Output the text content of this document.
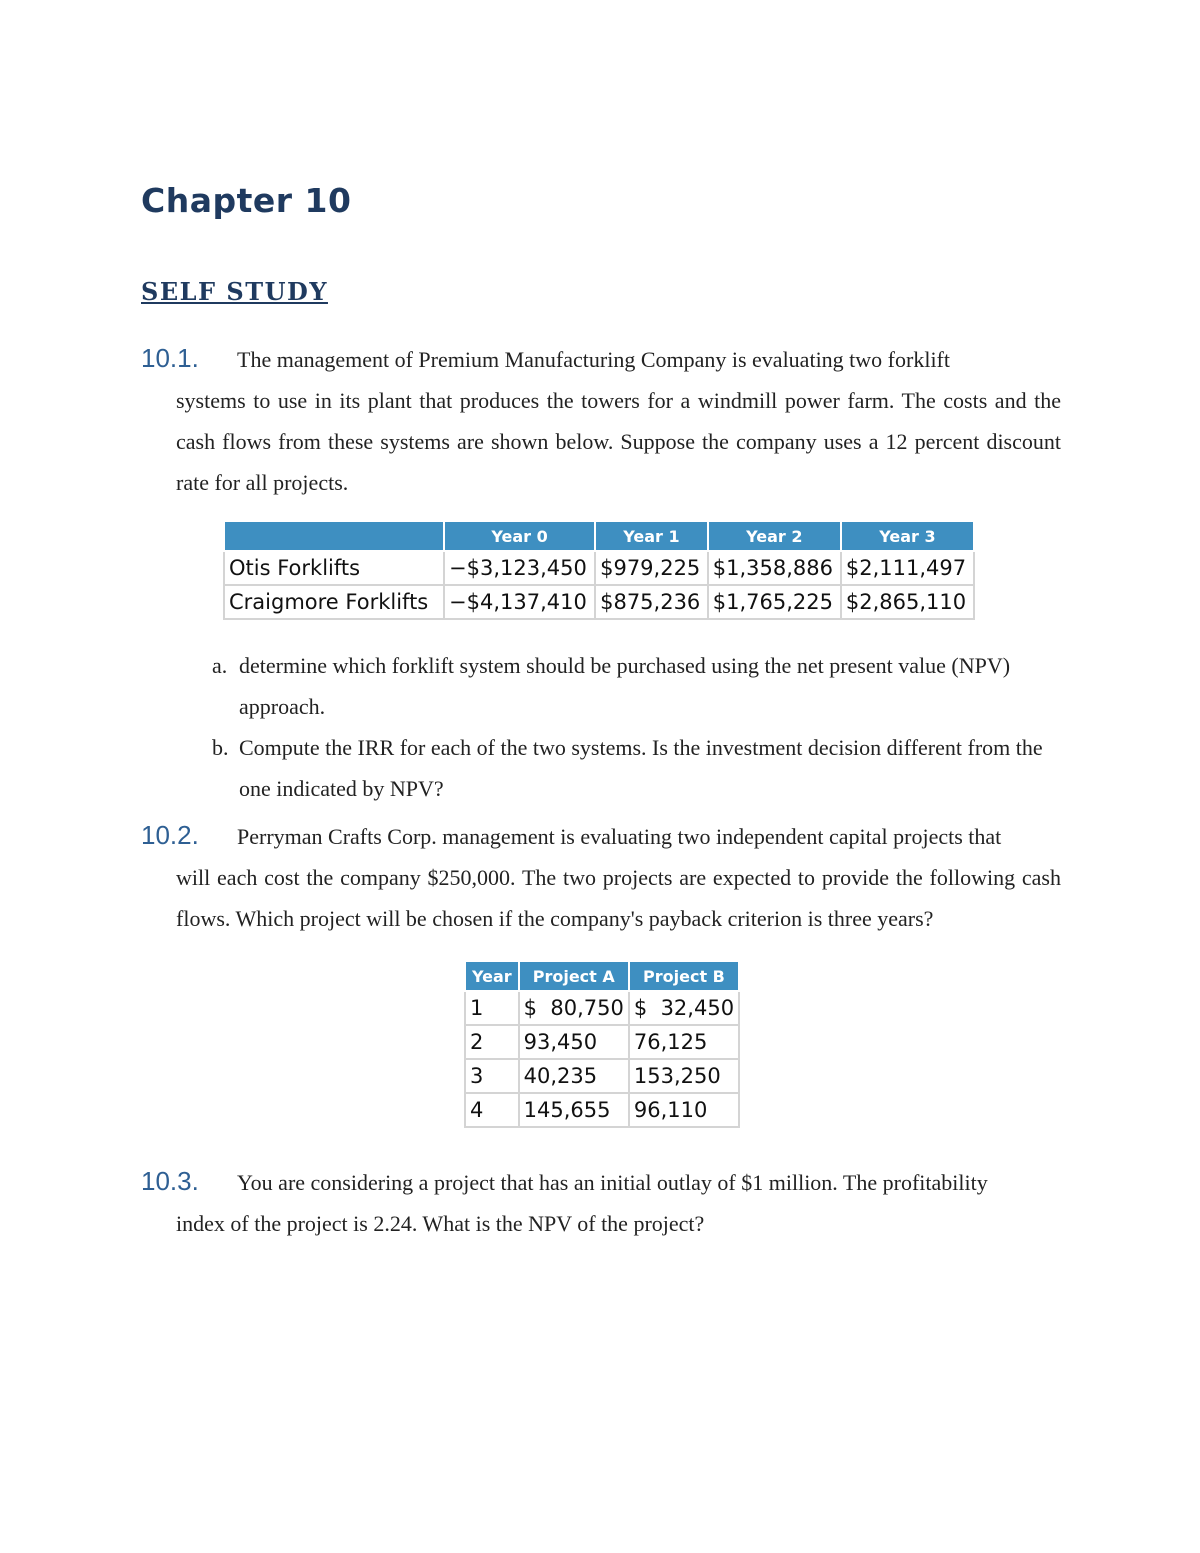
Chapter 10
SELF STUDY
10.1. The management of Premium Manufacturing Company is evaluating two forklift
systems to use in its plant that produces the towers for a windmill power farm. The costs and the cash flows from these systems are shown below. Suppose the company uses a 12 percent discount rate for all projects.
	Year 0	Year 1	Year 2	Year 3
Otis Forklifts	−$3,123,450	$979,225	$1,358,886	$2,111,497
Craigmore Forklifts	−$4,137,410	$875,236	$1,765,225	$2,865,110
a. determine which forklift system should be purchased using the net present value (NPV) approach.
b. Compute the IRR for each of the two systems. Is the investment decision different from the one indicated by NPV?
10.2. Perryman Crafts Corp. management is evaluating two independent capital projects that
will each cost the company $250,000. The two projects are expected to provide the following cash flows. Which project will be chosen if the company's payback criterion is three years?
Year	Project A	Project B
1	$  80,750	$  32,450
2	93,450	76,125
3	40,235	153,250
4	145,655	96,110
10.3. You are considering a project that has an initial outlay of $1 million. The profitability
index of the project is 2.24. What is the NPV of the project?
